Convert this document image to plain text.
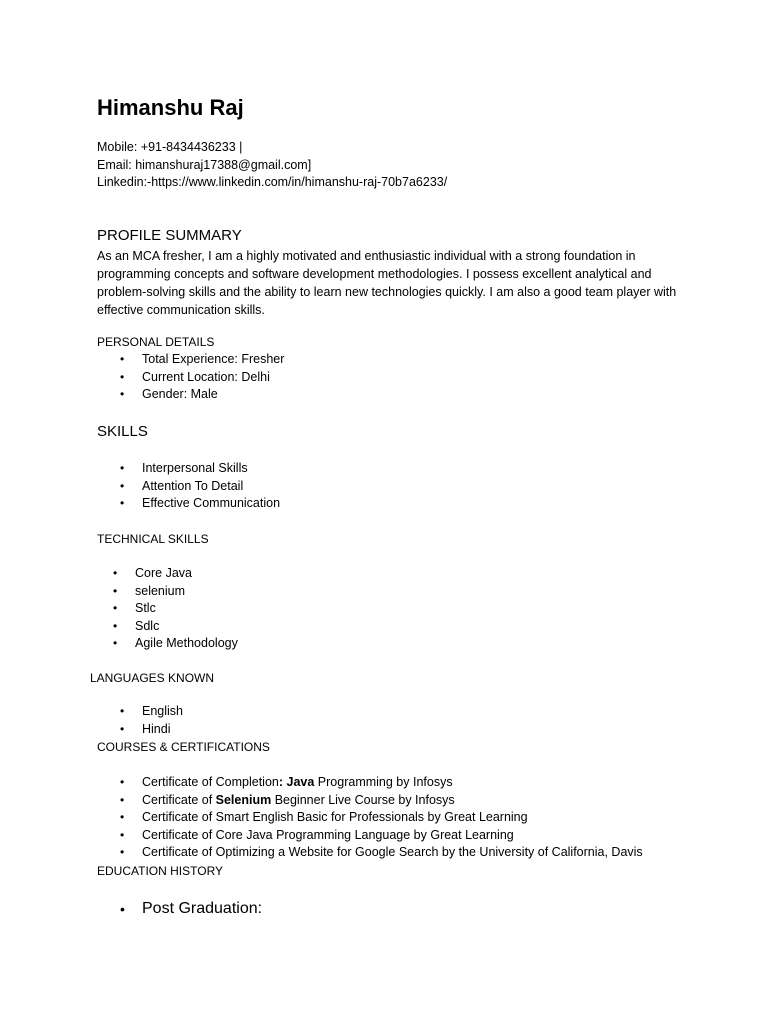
Himanshu Raj
Mobile: +91-8434436233 |
Email: himanshuraj17388@gmail.com]
Linkedin:-https://www.linkedin.com/in/himanshu-raj-70b7a6233/
PROFILE SUMMARY
As an MCA fresher, I am a highly motivated and enthusiastic individual with a strong foundation in programming concepts and software development methodologies. I possess excellent analytical and problem-solving skills and the ability to learn new technologies quickly. I am also a good team player with effective communication skills.
PERSONAL DETAILS
• Total Experience: Fresher
• Current Location: Delhi
• Gender: Male
SKILLS
• Interpersonal Skills
• Attention To Detail
• Effective Communication
TECHNICAL SKILLS
• Core Java
• selenium
• Stlc
• Sdlc
• Agile Methodology
LANGUAGES KNOWN
• English
• Hindi
COURSES & CERTIFICATIONS
• Certificate of Completion: Java Programming by Infosys
• Certificate of Selenium Beginner Live Course by Infosys
• Certificate of Smart English Basic for Professionals by Great Learning
• Certificate of Core Java Programming Language by Great Learning
• Certificate of Optimizing a Website for Google Search by the University of California, Davis
EDUCATION HISTORY
• Post Graduation:
